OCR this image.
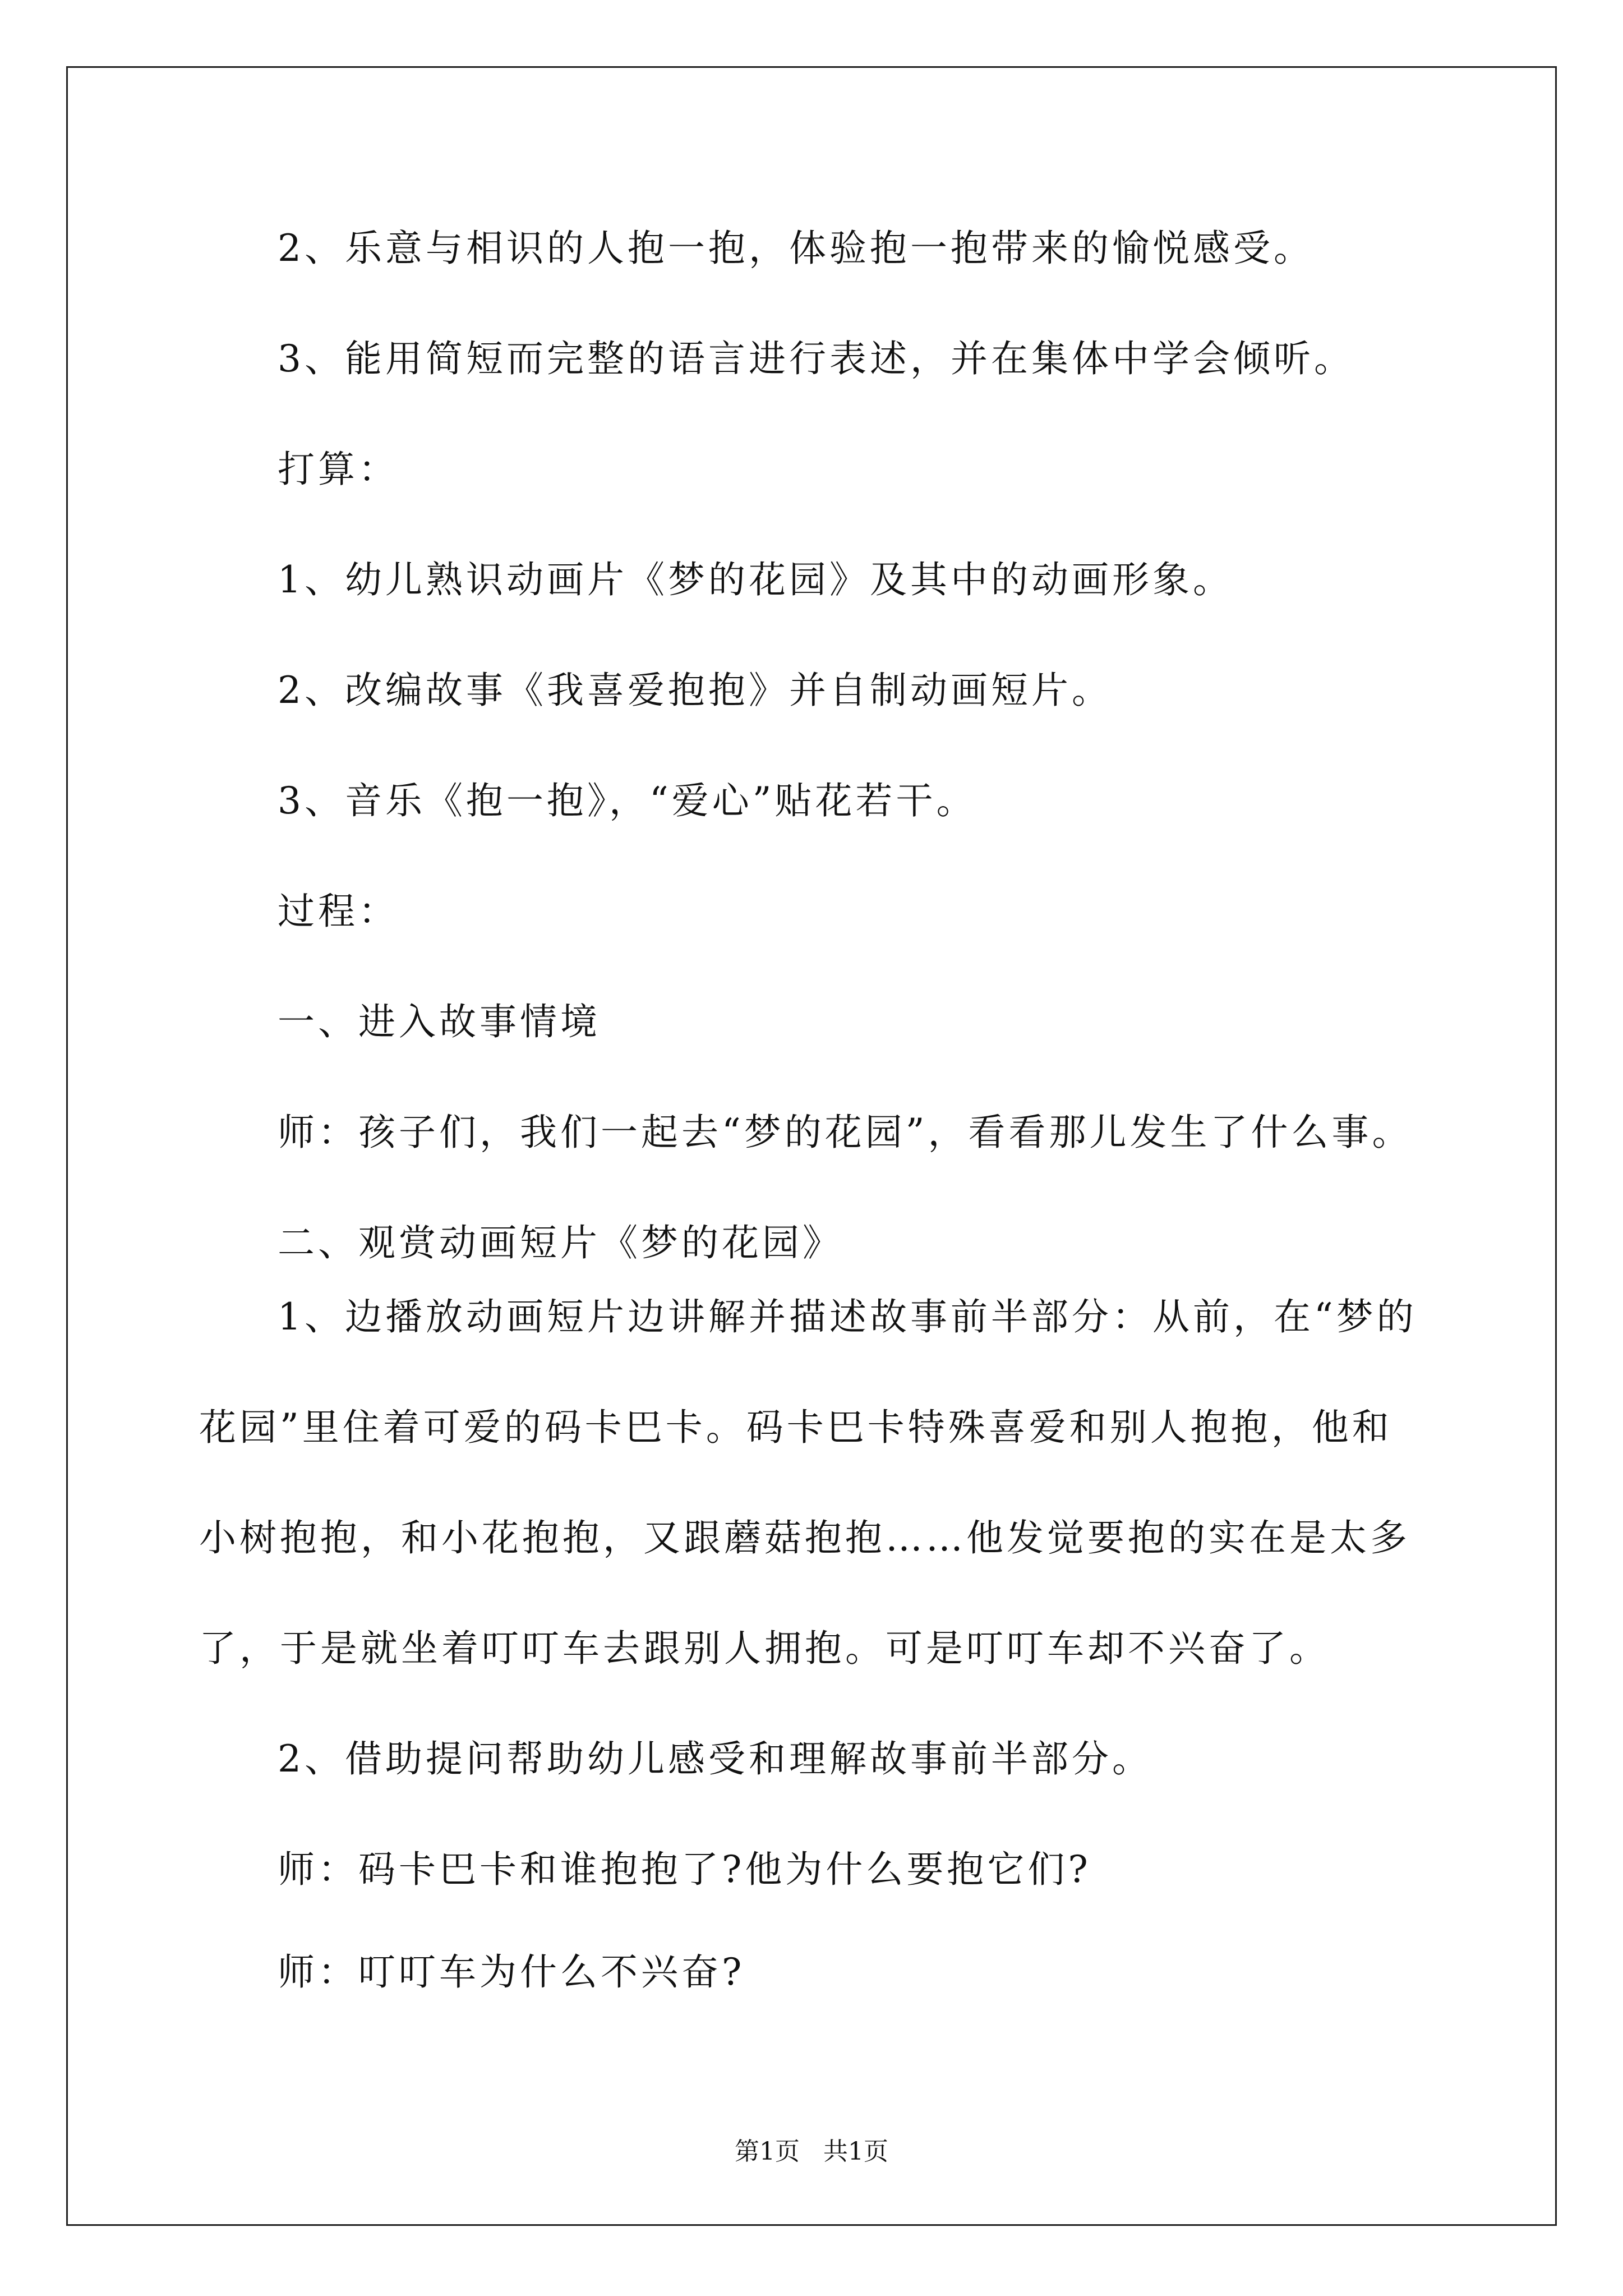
2、乐意与相识的人抱一抱，体验抱一抱带来的愉悦感受。
3、能用简短而完整的语言进行表述，并在集体中学会倾听。
打算：
1、幼儿熟识动画片《梦的花园》及其中的动画形象。
2、改编故事《我喜爱抱抱》并自制动画短片。
3、音乐《抱一抱》，“爱心”贴花若干。
过程：
一、进入故事情境
师：孩子们，我们一起去“梦的花园”，看看那儿发生了什么事。
二、观赏动画短片《梦的花园》
1、边播放动画短片边讲解并描述故事前半部分：从前，在“梦的
花园”里住着可爱的码卡巴卡。码卡巴卡特殊喜爱和别人抱抱，他和
小树抱抱，和小花抱抱，又跟蘑菇抱抱……他发觉要抱的实在是太多
了，于是就坐着叮叮车去跟别人拥抱。可是叮叮车却不兴奋了。
2、借助提问帮助幼儿感受和理解故事前半部分。
师：码卡巴卡和谁抱抱了?他为什么要抱它们?
师：叮叮车为什么不兴奋?
第1页   共1页
